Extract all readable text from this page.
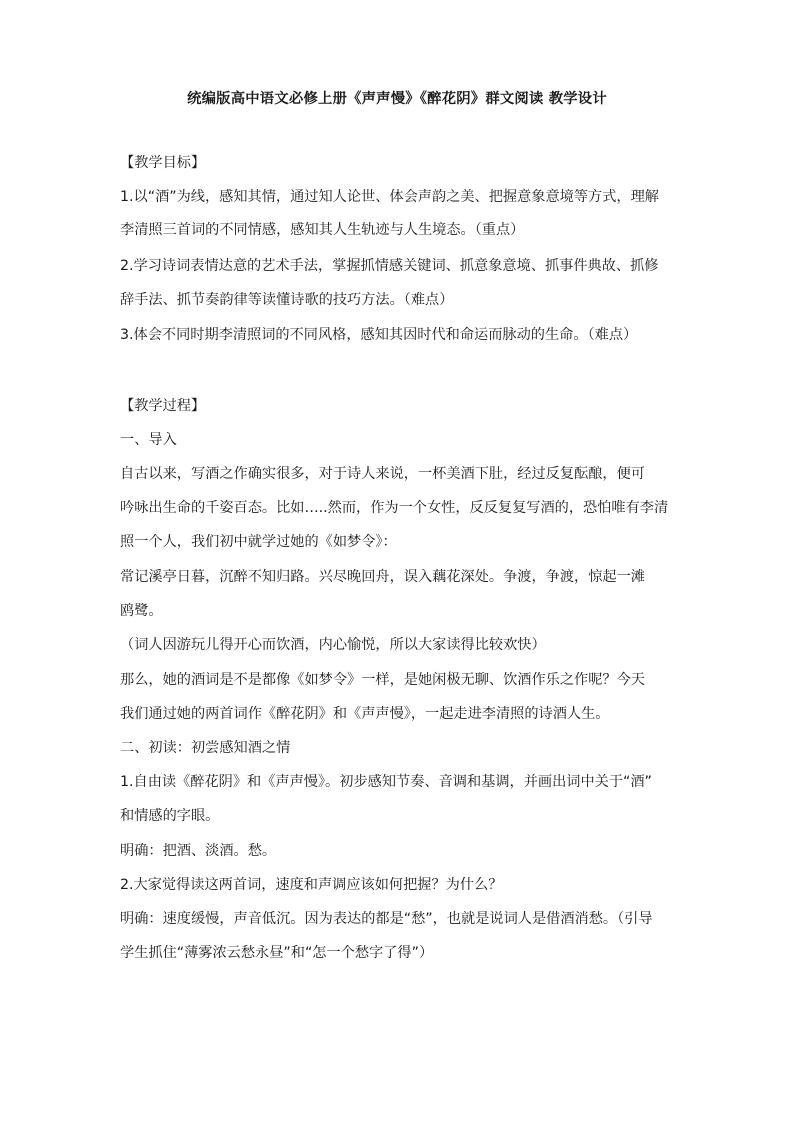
统编版高中语文必修上册《声声慢》《醉花阴》群文阅读 教学设计
【教学目标】
1.以“酒”为线，感知其情，通过知人论世、体会声韵之美、把握意象意境等方式，理解
李清照三首词的不同情感，感知其人生轨迹与人生境态。（重点）
2.学习诗词表情达意的艺术手法，掌握抓情感关键词、抓意象意境、抓事件典故、抓修
辞手法、抓节奏韵律等读懂诗歌的技巧方法。（难点）
3.体会不同时期李清照词的不同风格，感知其因时代和命运而脉动的生命。（难点）
【教学过程】
一、导入
自古以来，写酒之作确实很多，对于诗人来说，一杯美酒下肚，经过反复酝酿，便可
吟咏出生命的千姿百态。比如…..然而，作为一个女性，反反复复写酒的，恐怕唯有李清
照一个人，我们初中就学过她的《如梦令》：
常记溪亭日暮，沉醉不知归路。兴尽晚回舟，误入藕花深处。争渡，争渡，惊起一滩
鸥鹭。
（词人因游玩儿得开心而饮酒，内心愉悦，所以大家读得比较欢快）
那么，她的酒词是不是都像《如梦令》一样，是她闲极无聊、饮酒作乐之作呢？今天
我们通过她的两首词作《醉花阴》和《声声慢》，一起走进李清照的诗酒人生。
二、初读：初尝感知酒之情
1.自由读《醉花阴》和《声声慢》。初步感知节奏、音调和基调，并画出词中关于“酒”
和情感的字眼。
明确：把酒、淡酒。愁。
2.大家觉得读这两首词，速度和声调应该如何把握？为什么？
明确：速度缓慢，声音低沉。因为表达的都是“愁”，也就是说词人是借酒消愁。（引导
学生抓住“薄雾浓云愁永昼”和“怎一个愁字了得”）
